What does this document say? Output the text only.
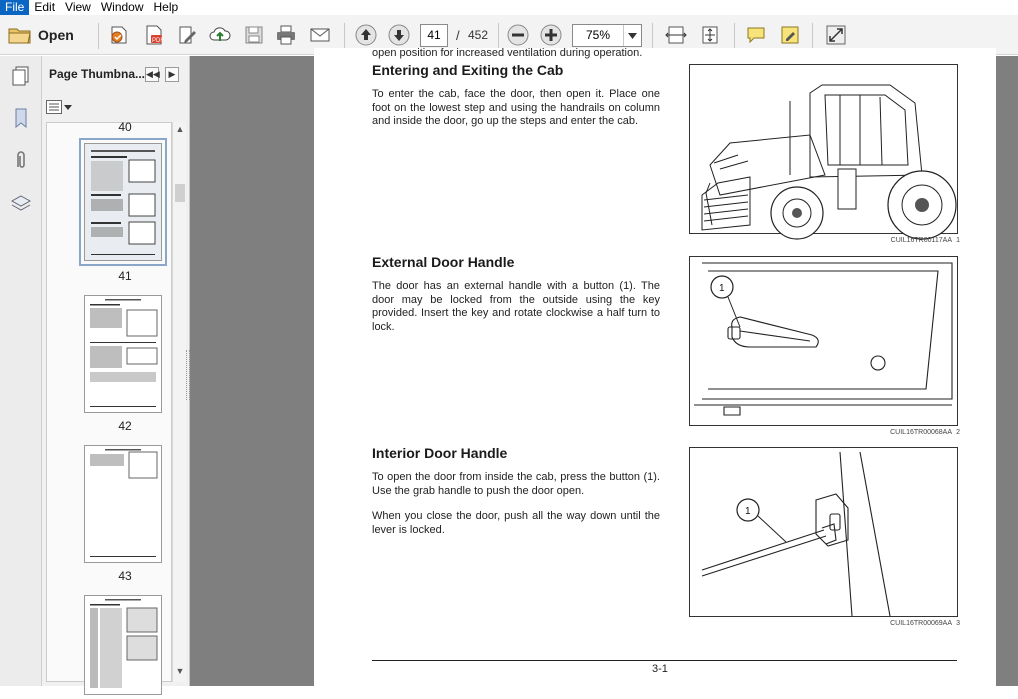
File Edit View Window Help
Open	PDF	41	/ 452	75%
Page Thumbna... ◀◀ ▶
40
41
42
43
▲
▼
open position for increased ventilation during operation.
Entering and Exiting the Cab
To enter the cab, face the door, then open it. Place one foot on the lowest step and using the handrails on column and inside the door, go up the steps and enter the cab.
CUIL16TR00117AA 1
External Door Handle
The door has an external handle with a button (1). The door may be locked from the outside using the key provided. Insert the key and rotate clockwise a half turn to lock.
1
CUIL16TR00068AA 2
Interior Door Handle
To open the door from inside the cab, press the button (1). Use the grab handle to push the door open.
When you close the door, push all the way down until the lever is locked.
1
CUIL16TR00069AA 3
3-1
